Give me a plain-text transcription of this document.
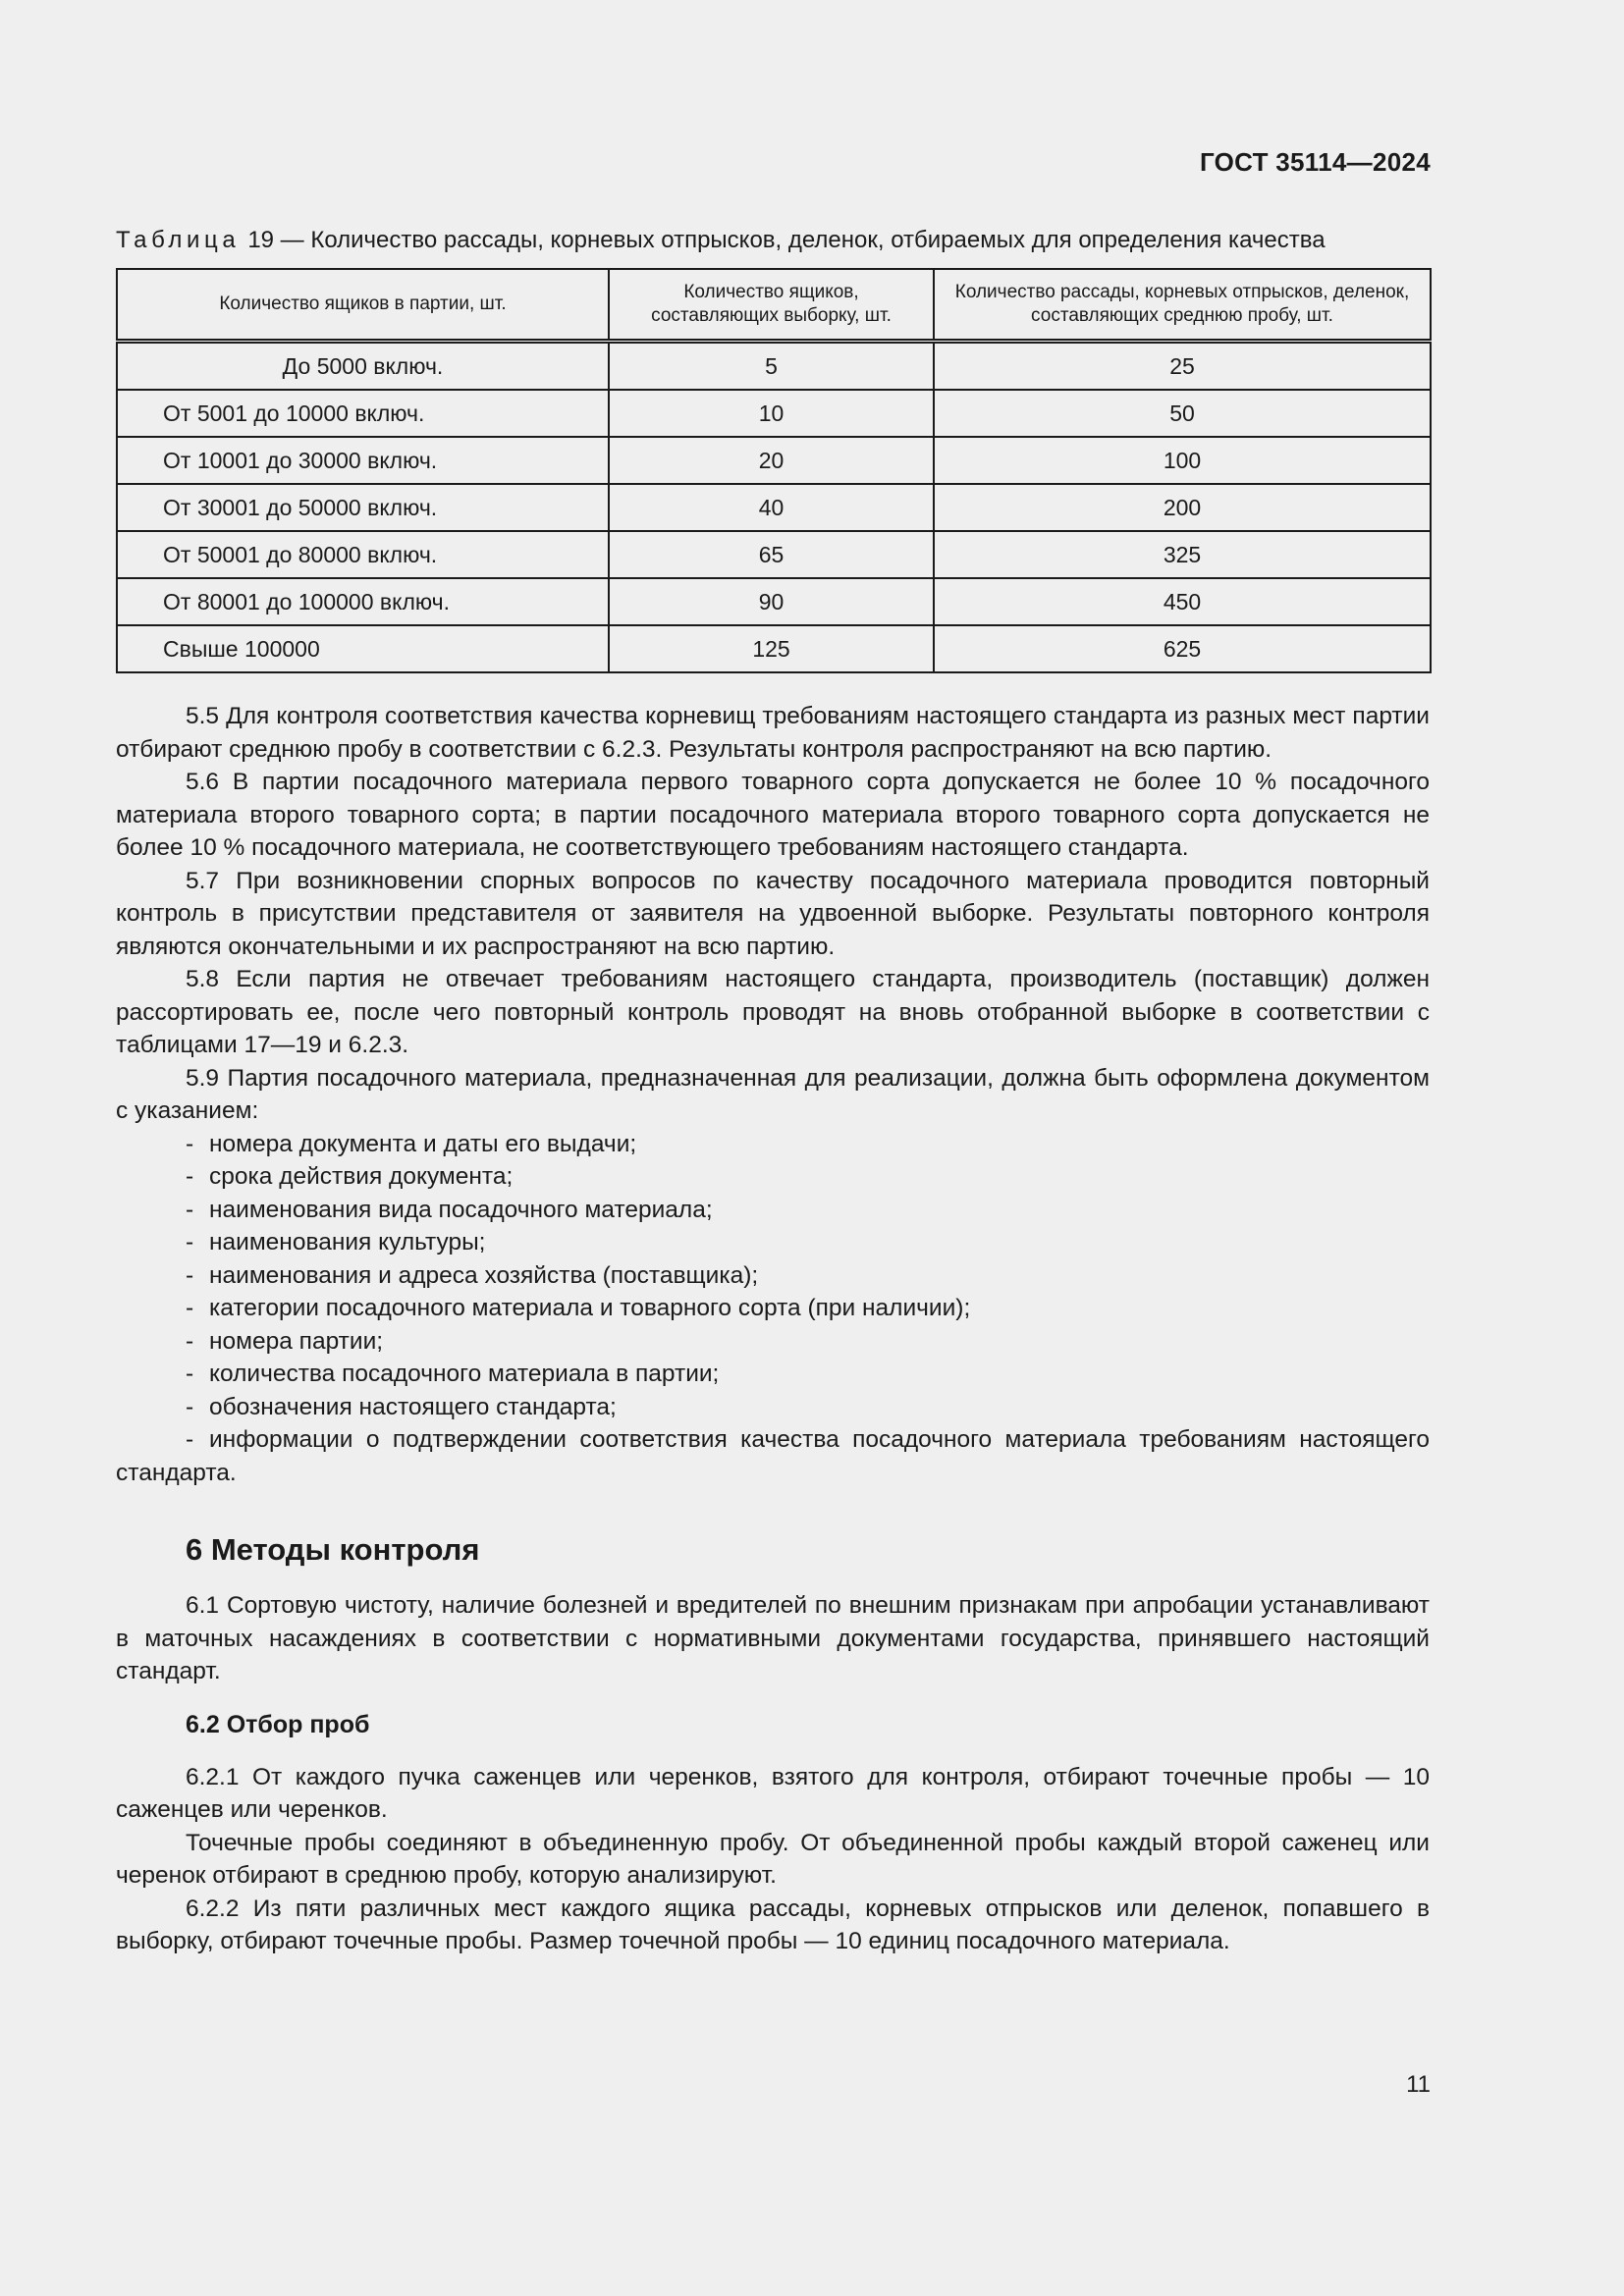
ГОСТ 35114—2024
Таблица 19 — Количество рассады, корневых отпрысков, деленок, отбираемых для определения качества
Количество ящиков в партии, шт.	Количество ящиков, составляющих выборку, шт.	Количество рассады, корневых отпрысков, деленок, составляющих среднюю пробу, шт.
До 5000 включ.	5	25
От 5001 до 10000 включ.	10	50
От 10001 до 30000 включ.	20	100
От 30001 до 50000 включ.	40	200
От 50001 до 80000 включ.	65	325
От 80001 до 100000 включ.	90	450
Свыше 100000	125	625

5.5 Для контроля соответствия качества корневищ требованиям настоящего стандарта из разных мест партии отбирают среднюю пробу в соответствии с 6.2.3. Результаты контроля распространяют на всю партию.

5.6 В партии посадочного материала первого товарного сорта допускается не более 10 % посадочного материала второго товарного сорта; в партии посадочного материала второго товарного сорта допускается не более 10 % посадочного материала, не соответствующего требованиям настоящего стандарта.

5.7 При возникновении спорных вопросов по качеству посадочного материала проводится повторный контроль в присутствии представителя от заявителя на удвоенной выборке. Результаты повторного контроля являются окончательными и их распространяют на всю партию.

5.8 Если партия не отвечает требованиям настоящего стандарта, производитель (поставщик) должен рассортировать ее, после чего повторный контроль проводят на вновь отобранной выборке в соответствии с таблицами 17—19 и 6.2.3.

5.9 Партия посадочного материала, предназначенная для реализации, должна быть оформлена документом с указанием:

- номера документа и даты его выдачи;
- срока действия документа;
- наименования вида посадочного материала;
- наименования культуры;
- наименования и адреса хозяйства (поставщика);
- категории посадочного материала и товарного сорта (при наличии);
- номера партии;
- количества посадочного материала в партии;
- обозначения настоящего стандарта;
- информации о подтверждении соответствия качества посадочного материала требованиям настоящего стандарта.
6 Методы контроля

6.1 Сортовую чистоту, наличие болезней и вредителей по внешним признакам при апробации устанавливают в маточных насаждениях в соответствии с нормативными документами государства, принявшего настоящий стандарт.

6.2 Отбор проб

6.2.1 От каждого пучка саженцев или черенков, взятого для контроля, отбирают точечные пробы — 10 саженцев или черенков.

Точечные пробы соединяют в объединенную пробу. От объединенной пробы каждый второй саженец или черенок отбирают в среднюю пробу, которую анализируют.

6.2.2 Из пяти различных мест каждого ящика рассады, корневых отпрысков или деленок, попавшего в выборку, отбирают точечные пробы. Размер точечной пробы — 10 единиц посадочного материала.

11
